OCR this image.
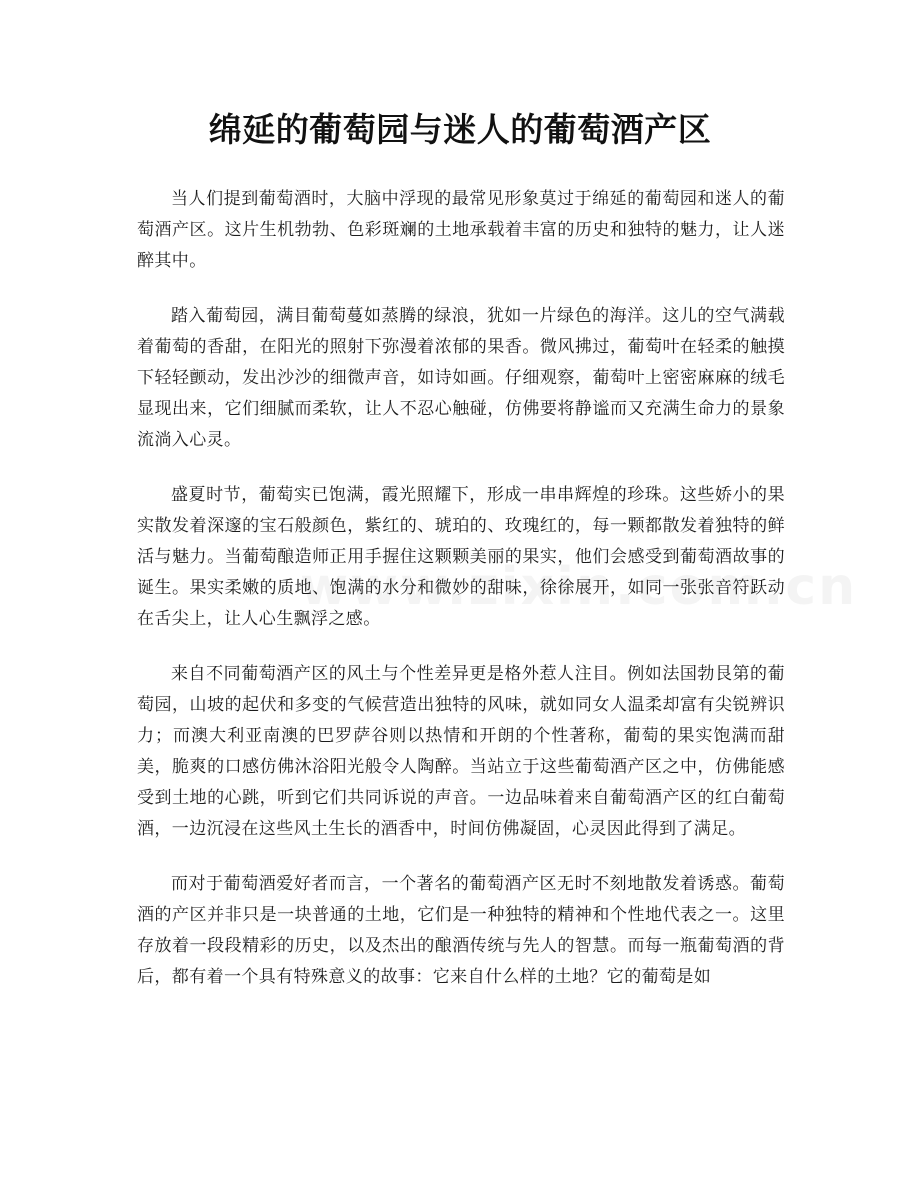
绵延的葡萄园与迷人的葡萄酒产区

当人们提到葡萄酒时，大脑中浮现的最常见形象莫过于绵延的葡萄园和迷人的葡萄酒产区。这片生机勃勃、色彩斑斓的土地承载着丰富的历史和独特的魅力，让人迷醉其中。

踏入葡萄园，满目葡萄蔓如蒸腾的绿浪，犹如一片绿色的海洋。这儿的空气满载着葡萄的香甜，在阳光的照射下弥漫着浓郁的果香。微风拂过，葡萄叶在轻柔的触摸下轻轻颤动，发出沙沙的细微声音，如诗如画。仔细观察，葡萄叶上密密麻麻的绒毛显现出来，它们细腻而柔软，让人不忍心触碰，仿佛要将静谧而又充满生命力的景象流淌入心灵。

盛夏时节，葡萄实已饱满，霞光照耀下，形成一串串辉煌的珍珠。这些娇小的果实散发着深邃的宝石般颜色，紫红的、琥珀的、玫瑰红的，每一颗都散发着独特的鲜活与魅力。当葡萄酿造师正用手握住这颗颗美丽的果实，他们会感受到葡萄酒故事的诞生。果实柔嫩的质地、饱满的水分和微妙的甜味，徐徐展开，如同一张张音符跃动在舌尖上，让人心生飘浮之感。

来自不同葡萄酒产区的风土与个性差异更是格外惹人注目。例如法国勃艮第的葡萄园，山坡的起伏和多变的气候营造出独特的风味，就如同女人温柔却富有尖锐辨识力；而澳大利亚南澳的巴罗萨谷则以热情和开朗的个性著称，葡萄的果实饱满而甜美，脆爽的口感仿佛沐浴阳光般令人陶醉。当站立于这些葡萄酒产区之中，仿佛能感受到土地的心跳，听到它们共同诉说的声音。一边品味着来自葡萄酒产区的红白葡萄酒，一边沉浸在这些风土生长的酒香中，时间仿佛凝固，心灵因此得到了满足。

而对于葡萄酒爱好者而言，一个著名的葡萄酒产区无时不刻地散发着诱惑。葡萄酒的产区并非只是一块普通的土地，它们是一种独特的精神和个性地代表之一。这里存放着一段段精彩的历史，以及杰出的酿酒传统与先人的智慧。而每一瓶葡萄酒的背后，都有着一个具有特殊意义的故事：它来自什么样的土地？它的葡萄是如
